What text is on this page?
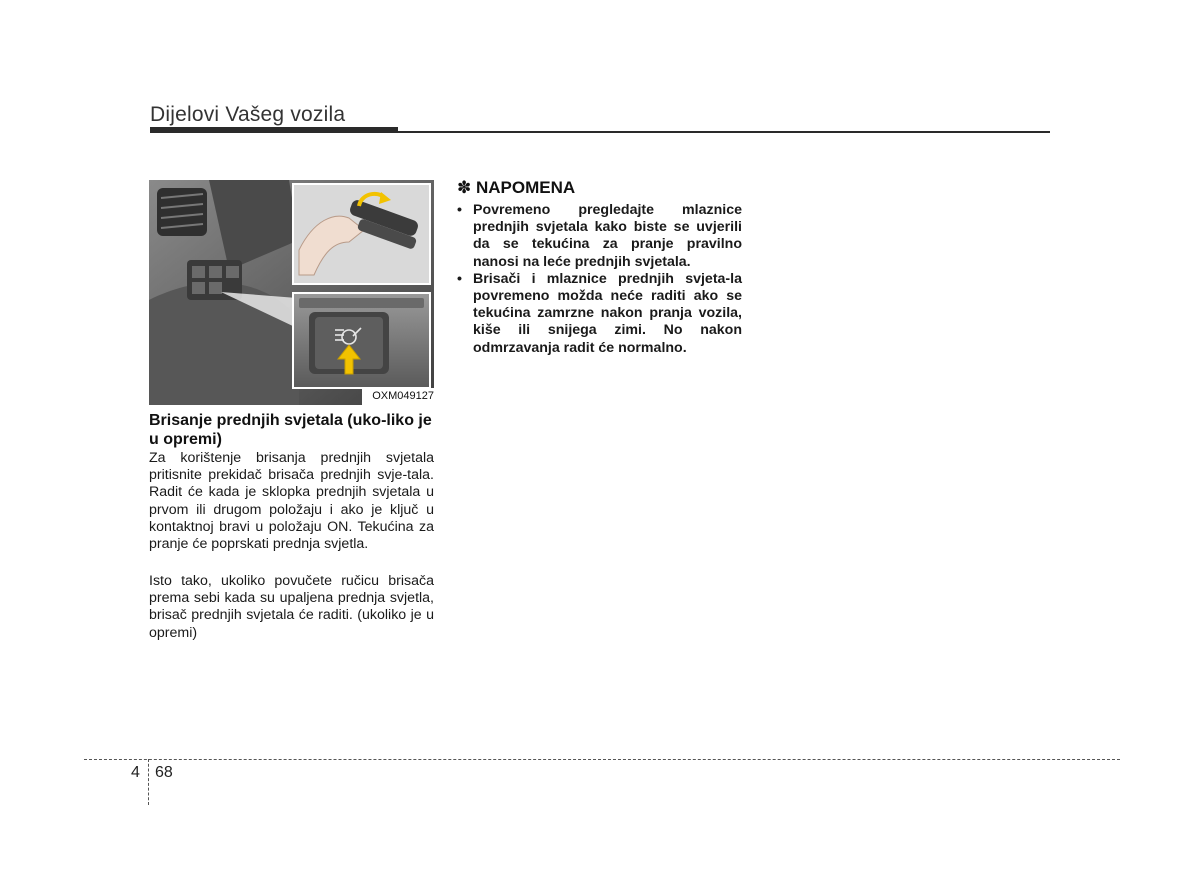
Dijelovi Vašeg vozila
OXM049127
Brisanje prednjih svjetala (uko-liko je u opremi)

Za korištenje brisanja prednjih svjetala pritisnite prekidač brisača prednjih svje-tala. Radit će kada je sklopka prednjih svjetala u prvom ili drugom položaju i ako je ključ u kontaktnoj bravi u položaju ON. Tekućina za pranje će poprskati prednja svjetla.

Isto tako, ukoliko povučete ručicu brisača prema sebi kada su upaljena prednja svjetla, brisač prednjih svjetala će raditi. (ukoliko je u opremi)

✽ NAPOMENA
• Povremeno pregledajte mlaznice prednjih svjetala kako biste se uvjerili da se tekućina za pranje pravilno nanosi na leće prednjih svjetala.
• Brisači i mlaznice prednjih svjeta-la povremeno možda neće raditi ako se tekućina zamrzne nakon pranja vozila, kiše ili snijega zimi. No nakon odmrzavanja radit će normalno.
4 68
